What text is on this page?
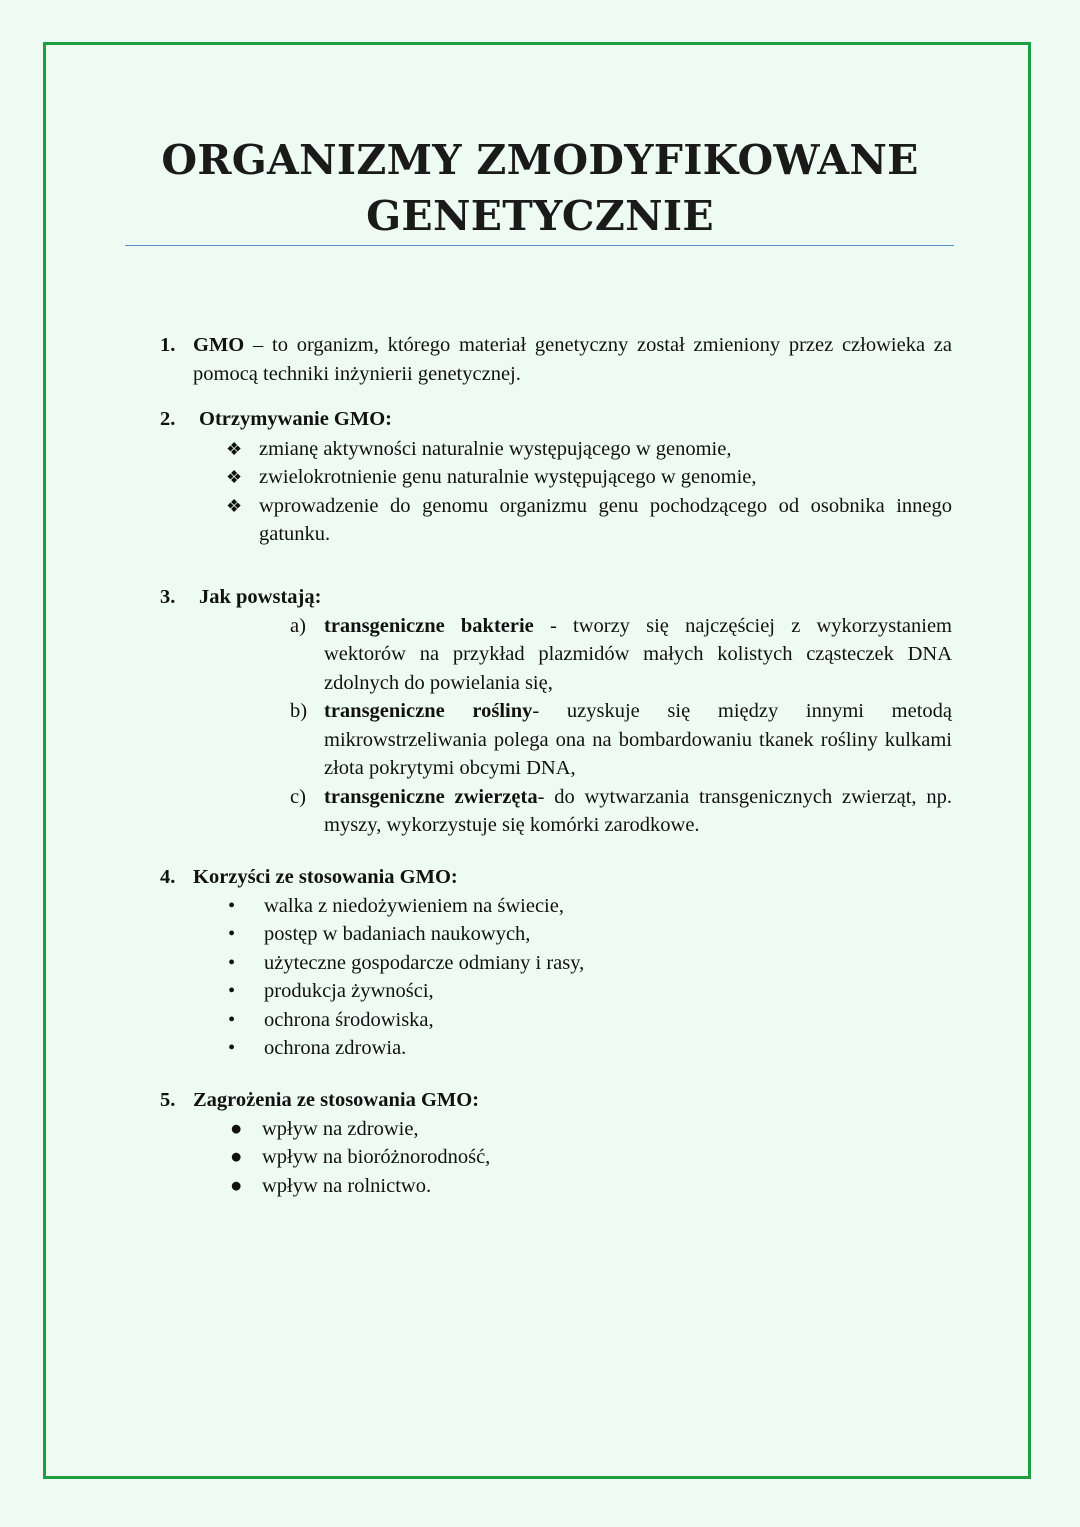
ORGANIZMY ZMODYFIKOWANE
GENETYCZNIE
1. GMO – to organizm, którego materiał genetyczny został zmieniony przez człowieka za pomocą techniki inżynierii genetycznej.
2. Otrzymywanie GMO:
❖ zmianę aktywności naturalnie występującego w genomie,
❖ zwielokrotnienie genu naturalnie występującego w genomie,
❖ wprowadzenie do genomu organizmu genu pochodzącego od osobnika innego gatunku.
3. Jak powstają:
a) transgeniczne bakterie - tworzy się najczęściej z wykorzystaniem wektorów na przykład plazmidów małych kolistych cząsteczek DNA zdolnych do powielania się,
b) transgeniczne rośliny- uzyskuje się między innymi metodą mikrowstrzeliwania polega ona na bombardowaniu tkanek rośliny kulkami złota pokrytymi obcymi DNA,
c) transgeniczne zwierzęta- do wytwarzania transgenicznych zwierząt, np. myszy, wykorzystuje się komórki zarodkowe.
4. Korzyści ze stosowania GMO:
• walka z niedożywieniem na świecie,
• postęp w badaniach naukowych,
• użyteczne gospodarcze odmiany i rasy,
• produkcja żywności,
• ochrona środowiska,
• ochrona zdrowia.
5. Zagrożenia ze stosowania GMO:
● wpływ na zdrowie,
● wpływ na bioróżnorodność,
● wpływ na rolnictwo.
